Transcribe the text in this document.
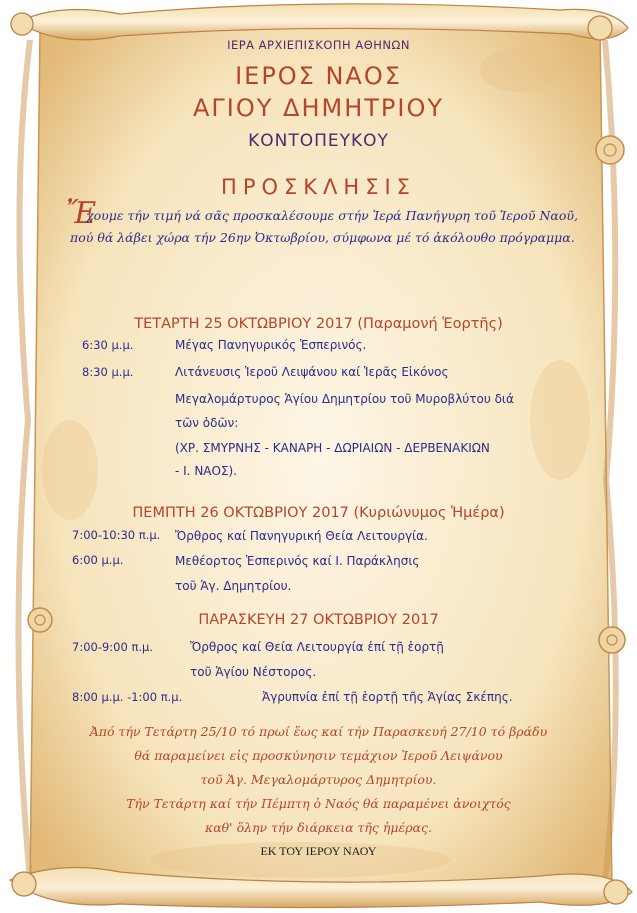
ΙΕΡΑ ΑΡΧΙΕΠΙΣΚΟΠΗ ΑΘΗΝΩΝ
ΙΕΡΟΣ ΝΑΟΣ
ΑΓΙΟΥ ΔΗΜΗΤΡΙΟΥ
ΚΟΝΤΟΠΕΥΚΟΥ
ΠΡΟΣΚΛΗΣΙΣ
Ἔ
χουμε τήν τιμή νά σᾶς προσκαλέσουμε στήν Ἱερά Πανήγυρη τοῦ Ἱεροῦ Ναοῦ,
πού θά λάβει χώρα τήν 26ην Ὀκτωβρίου, σύμφωνα μέ τό ἀκόλουθο πρόγραμμα.
ΤΕΤΑΡΤΗ 25 ΟΚΤΩΒΡΙΟΥ 2017 (Παραμονή Ἑορτῆς)
6:30 μ.μ.	Μέγας Πανηγυρικός Ἑσπερινός.
8:30 μ.μ.	Λιτάνευσις Ἱεροῦ Λειψάνου καί Ἱερᾶς Εἰκόνος
Μεγαλομάρτυρος Ἁγίου Δημητρίου τοῦ Μυροβλύτου διά
τῶν ὁδῶν:
(ΧΡ. ΣΜΥΡΝΗΣ - ΚΑΝΑΡΗ - ΔΩΡΙΑΙΩΝ - ΔΕΡΒΕΝΑΚΙΩΝ
- Ι. ΝΑΟΣ).
ΠΕΜΠΤΗ 26 ΟΚΤΩΒΡΙΟΥ 2017 (Κυριώνυμος Ἡμέρα)
7:00-10:30 π.μ. Ὄρθρος καί Πανηγυρική Θεία Λειτουργία.
6:00 μ.μ.	Μεθέορτος Ἑσπερινός καί Ι. Παράκλησις
τοῦ Ἁγ. Δημητρίου.
ΠΑΡΑΣΚΕΥΗ 27 ΟΚΤΩΒΡΙΟΥ 2017
7:00-9:00 π.μ.	Ὄρθρος καί Θεία Λειτουργία ἐπί τῇ ἑορτῇ
τοῦ Ἁγίου Νέστορος.
8:00 μ.μ. -1:00 π.μ.	Ἀγρυπνία ἐπί τῇ ἑορτῇ τῆς Ἁγίας Σκέπης.
Ἀπό τήν Τετάρτη 25/10 τό πρωί ἕως καί τήν Παρασκευή 27/10 τό βράδυ
θά παραμείνει εἰς προσκύνησιν τεμάχιον Ἱεροῦ Λειψάνου
τοῦ Ἁγ. Μεγαλομάρτυρος Δημητρίου.
Τήν Τετάρτη καί τήν Πέμπτη ὁ Ναός θά παραμένει ἀνοιχτός
καθ' ὅλην τήν διάρκεια τῆς ἡμέρας.
ΕΚ ΤΟΥ ΙΕΡΟΥ ΝΑΟΥ
